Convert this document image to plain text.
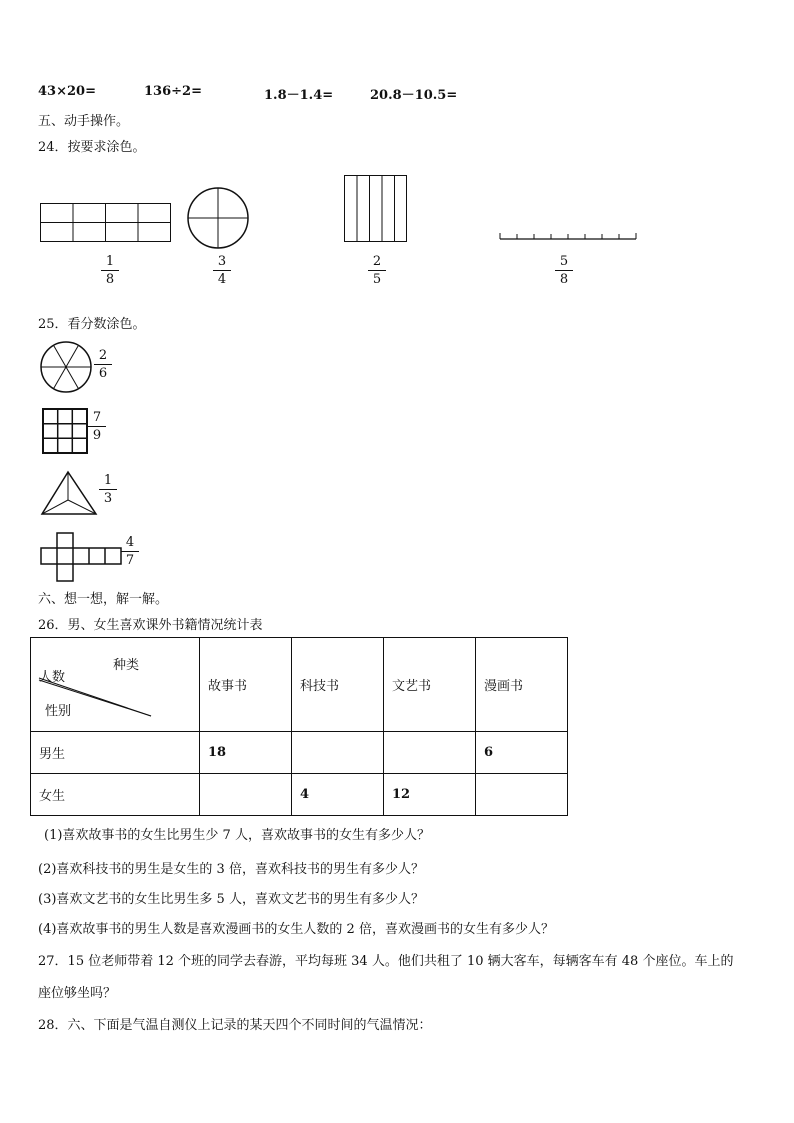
43×20=	136÷2=	1.8－1.4=	20.8－10.5=
五、动手操作。
24．按要求涂色。
1
8
3
4
2
5
5
8
25．看分数涂色。
2
6
7
9
1
3
4
7
六、想一想，解一解。
26．男、女生喜欢课外书籍情况统计表
种类
人数
性别	故事书	科技书	文艺书	漫画书
男生	18			6
女生		4	12	
(1)喜欢故事书的女生比男生少 7 人，喜欢故事书的女生有多少人？
(2)喜欢科技书的男生是女生的 3 倍，喜欢科技书的男生有多少人？
(3)喜欢文艺书的女生比男生多 5 人，喜欢文艺书的男生有多少人？
(4)喜欢故事书的男生人数是喜欢漫画书的女生人数的 2 倍，喜欢漫画书的女生有多少人？
27．15 位老师带着 12 个班的同学去春游，平均每班 34 人。他们共租了 10 辆大客车，每辆客车有 48 个座位。车上的
座位够坐吗？
28．六、下面是气温自测仪上记录的某天四个不同时间的气温情况：
